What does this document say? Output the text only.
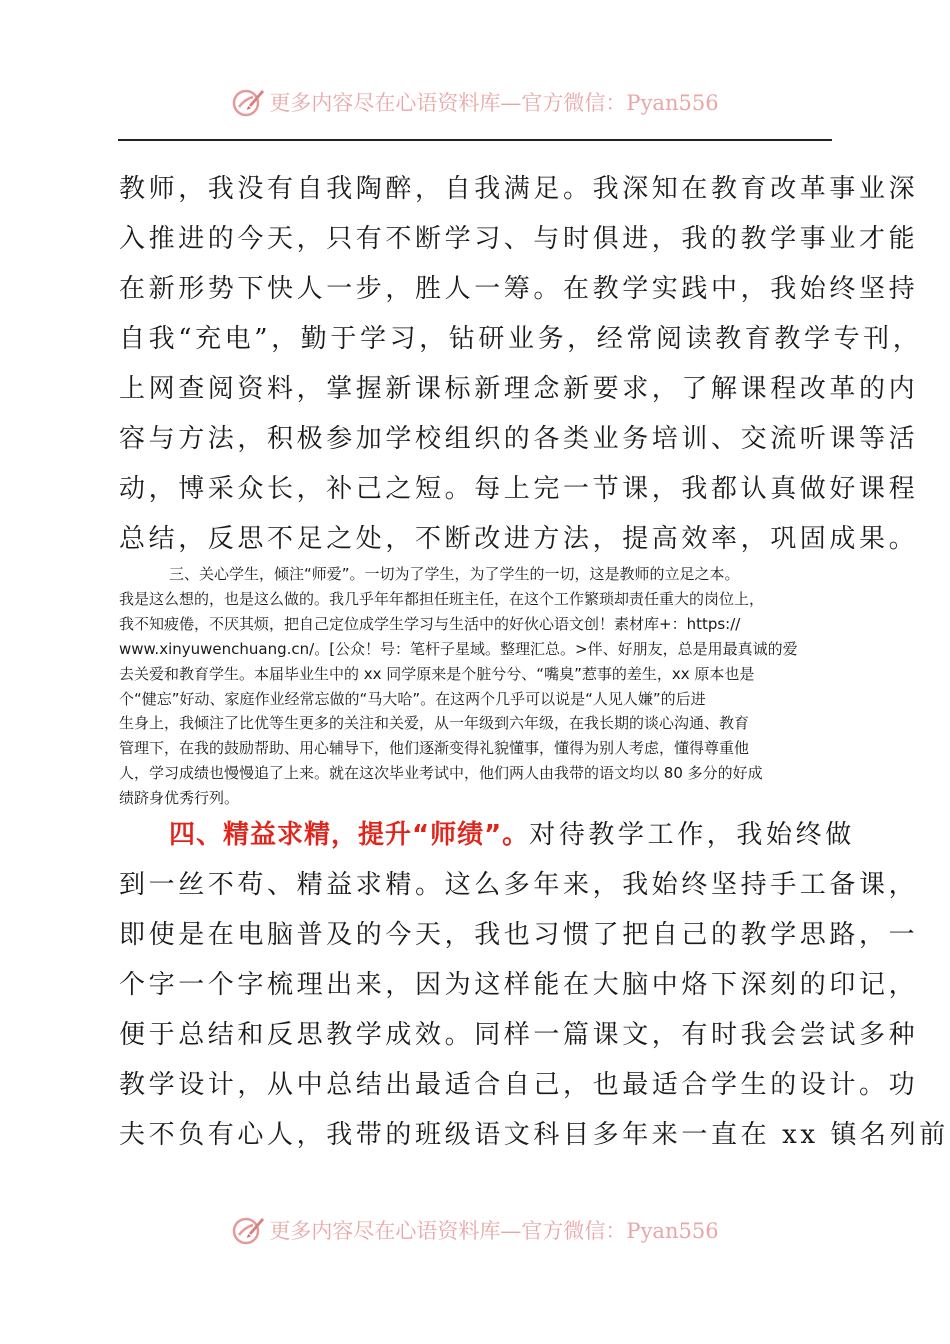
更多内容尽在心语资料库—官方微信：Pyan556
教师，我没有自我陶醉，自我满足。我深知在教育改革事业深
入推进的今天，只有不断学习、与时俱进，我的教学事业才能
在新形势下快人一步，胜人一筹。在教学实践中，我始终坚持
自我“充电”，勤于学习，钻研业务，经常阅读教育教学专刊，
上网查阅资料，掌握新课标新理念新要求，了解课程改革的内
容与方法，积极参加学校组织的各类业务培训、交流听课等活
动，博采众长，补己之短。每上完一节课，我都认真做好课程
总结，反思不足之处，不断改进方法，提高效率，巩固成果。
三、关心学生，倾注“师爱”。一切为了学生，为了学生的一切，这是教师的立足之本。
我是这么想的，也是这么做的。我几乎年年都担任班主任，在这个工作繁琐却责任重大的岗位上，
我不知疲倦，不厌其烦，把自己定位成学生学习与生活中的好伙心语文创！素材库+：https://
www.xinyuwenchuang.cn/。[公众！号：笔杆子星域。整理汇总。>伴、好朋友，总是用最真诚的爱
去关爱和教育学生。本届毕业生中的 xx 同学原来是个脏兮兮、“嘴臭”惹事的差生，xx 原本也是
个“健忘”好动、家庭作业经常忘做的“马大哈”。在这两个几乎可以说是“人见人嫌”的后进
生身上，我倾注了比优等生更多的关注和关爱，从一年级到六年级，在我长期的谈心沟通、教育
管理下，在我的鼓励帮助、用心辅导下，他们逐渐变得礼貌懂事，懂得为别人考虑，懂得尊重他
人，学习成绩也慢慢追了上来。就在这次毕业考试中，他们两人由我带的语文均以 80 多分的好成
绩跻身优秀行列。
四、精益求精，提升“师绩”。对待教学工作，我始终做
到一丝不苟、精益求精。这么多年来，我始终坚持手工备课，
即使是在电脑普及的今天，我也习惯了把自己的教学思路，一
个字一个字梳理出来，因为这样能在大脑中烙下深刻的印记，
便于总结和反思教学成效。同样一篇课文，有时我会尝试多种
教学设计，从中总结出最适合自己，也最适合学生的设计。功
夫不负有心人，我带的班级语文科目多年来一直在 xx 镇名列前
更多内容尽在心语资料库—官方微信：Pyan556
